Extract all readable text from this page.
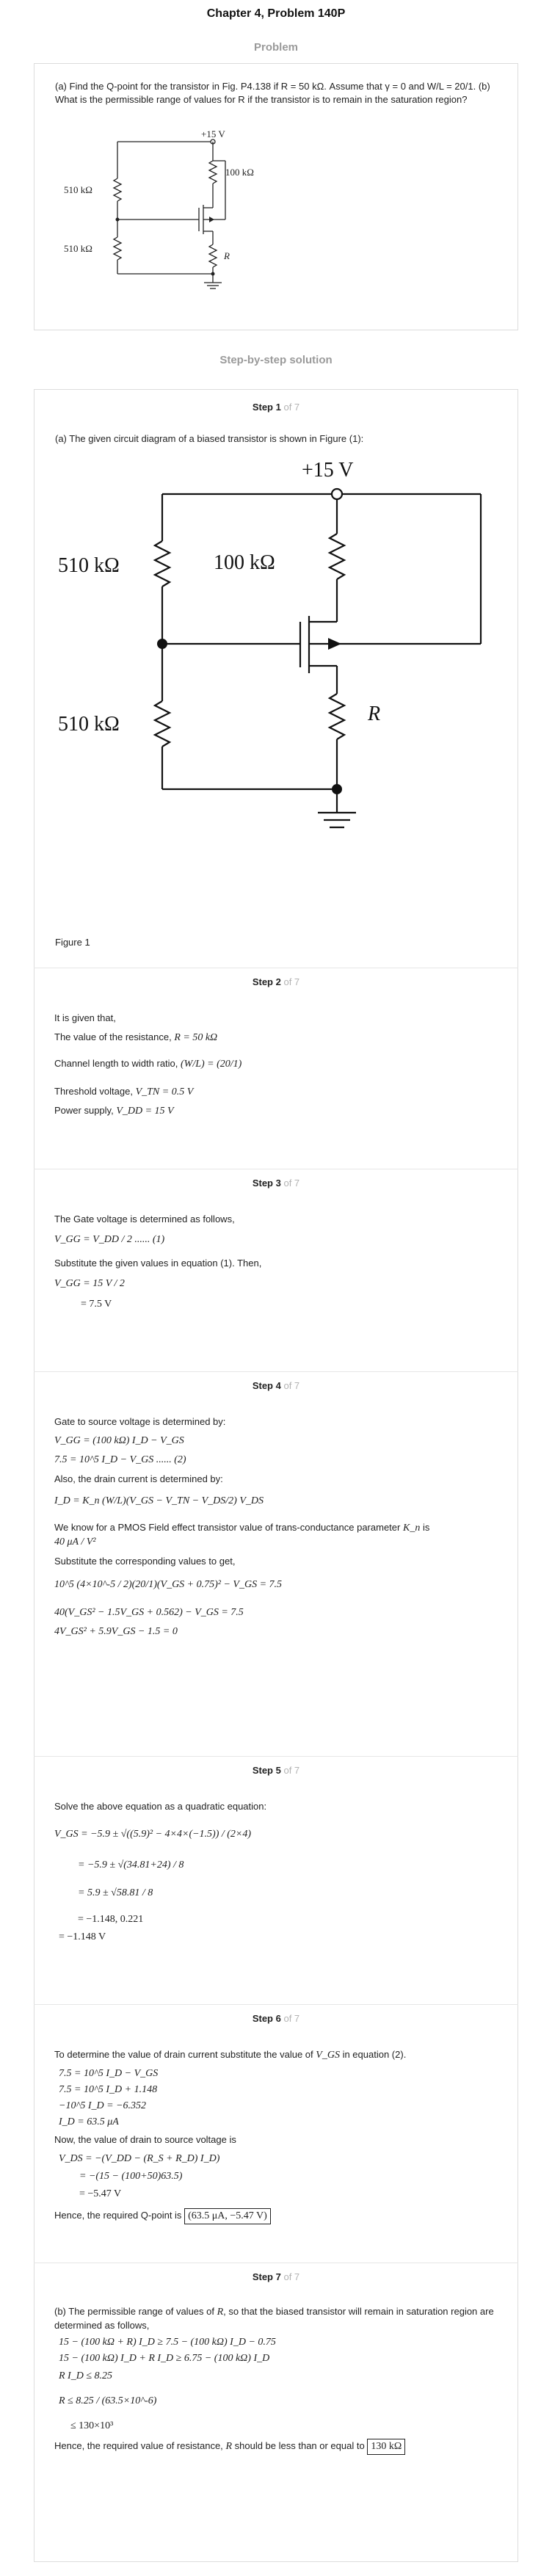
Chapter 4, Problem 140P
Problem
(a) Find the Q-point for the transistor in Fig. P4.138 if R = 50 kΩ. Assume that γ = 0 and W/L = 20/1. (b) What is the permissible range of values for R if the transistor is to remain in the saturation region?
+15 V
510 kΩ
510 kΩ
100 kΩ
R
Step-by-step solution
Step 1 of 7
(a) The given circuit diagram of a biased transistor is shown in Figure (1):
+15 V
510 kΩ
510 kΩ
100 kΩ
R
Figure 1
Step 2 of 7
It is given that,
The value of the resistance, R = 50 kΩ
Channel length to width ratio, (W/L) = (20/1)
Threshold voltage, V_TN = 0.5 V
Power supply, V_DD = 15 V
Step 3 of 7
The Gate voltage is determined as follows,
V_GG = V_DD / 2 ...... (1)
Substitute the given values in equation (1). Then,
V_GG = 15 V / 2
= 7.5 V
Step 4 of 7
Gate to source voltage is determined by:
V_GG = (100 kΩ) I_D − V_GS
7.5 = 10^5 I_D − V_GS ...... (2)
Also, the drain current is determined by:
I_D = K_n (W/L)(V_GS − V_TN − V_DS/2) V_DS
We know for a PMOS Field effect transistor value of trans-conductance parameter K_n is
40 μA / V²
Substitute the corresponding values to get,
10^5 (4×10^-5 / 2)(20/1)(V_GS + 0.75)² − V_GS = 7.5
40(V_GS² − 1.5V_GS + 0.562) − V_GS = 7.5
4V_GS² + 5.9V_GS − 1.5 = 0
Step 5 of 7
Solve the above equation as a quadratic equation:
V_GS = −5.9 ± √((5.9)² − 4×4×(−1.5)) / (2×4)
= −5.9 ± √(34.81+24) / 8
= 5.9 ± √58.81 / 8
= −1.148, 0.221
= −1.148 V
Step 6 of 7
To determine the value of drain current substitute the value of V_GS in equation (2).
7.5 = 10^5 I_D − V_GS
7.5 = 10^5 I_D + 1.148
−10^5 I_D = −6.352
I_D = 63.5 μA
Now, the value of drain to source voltage is
V_DS = −(V_DD − (R_S + R_D) I_D)
= −(15 − (100+50)63.5)
= −5.47 V
Hence, the required Q-point is (63.5 μA, −5.47 V)
Step 7 of 7
(b) The permissible range of values of R, so that the biased transistor will remain in saturation region are determined as follows,
15 − (100 kΩ + R) I_D ≥ 7.5 − (100 kΩ) I_D − 0.75
15 − (100 kΩ) I_D + R I_D ≥ 6.75 − (100 kΩ) I_D
R I_D ≤ 8.25
R ≤ 8.25 / (63.5×10^-6)
≤ 130×10³
Hence, the required value of resistance, R should be less than or equal to 130 kΩ
